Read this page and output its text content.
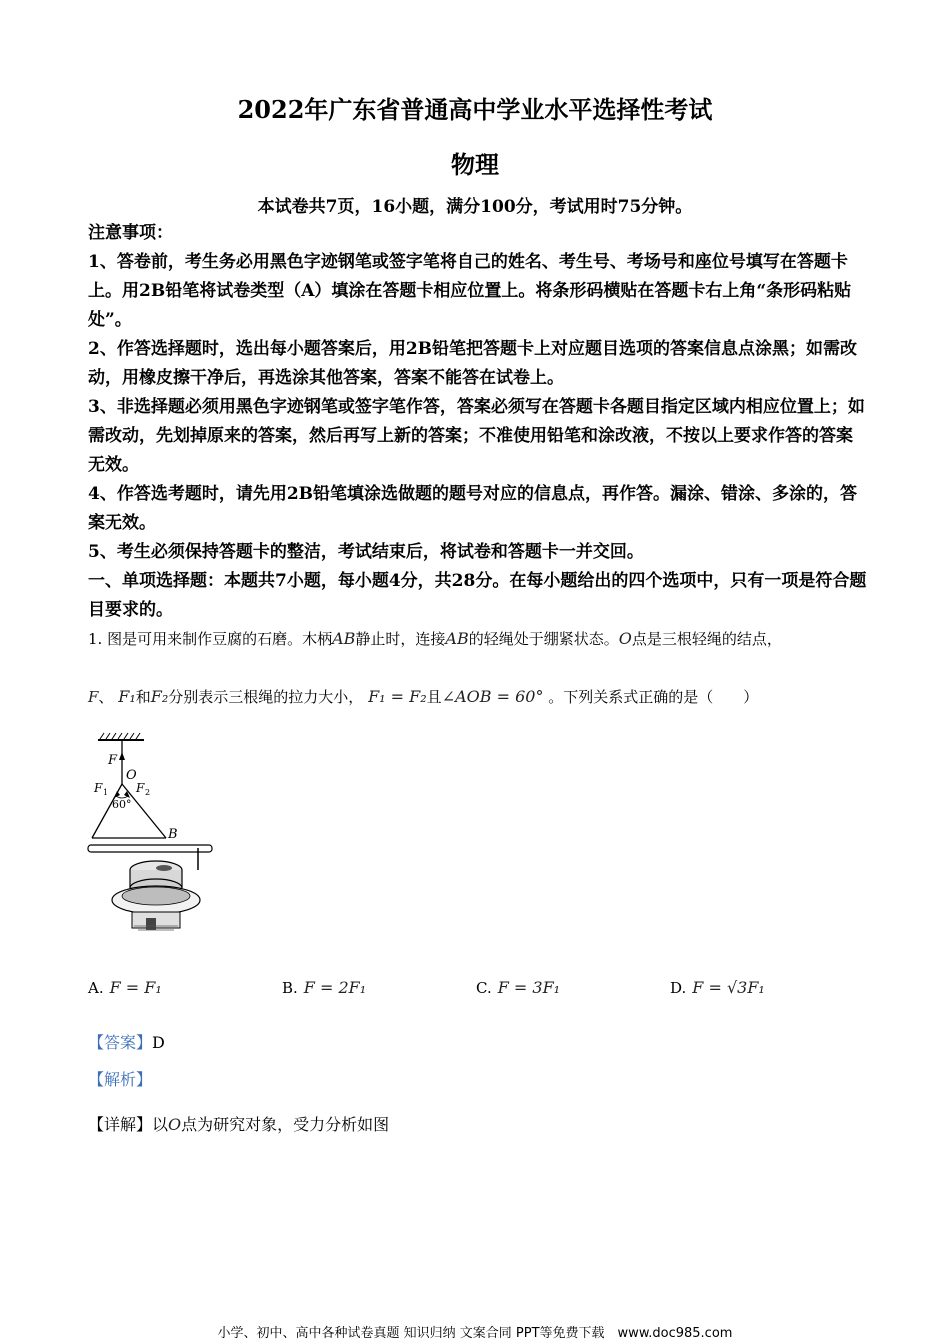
2022年广东省普通高中学业水平选择性考试
物理
本试卷共7页，16小题，满分100分，考试用时75分钟。

注意事项：

1、答卷前，考生务必用黑色字迹钢笔或签字笔将自己的姓名、考生号、考场号和座位号填写在答题卡上。用2B铅笔将试卷类型（A）填涂在答题卡相应位置上。将条形码横贴在答题卡右上角“条形码粘贴处”。

2、作答选择题时，选出每小题答案后，用2B铅笔把答题卡上对应题目选项的答案信息点涂黑；如需改动，用橡皮擦干净后，再选涂其他答案，答案不能答在试卷上。

3、非选择题必须用黑色字迹钢笔或签字笔作答，答案必须写在答题卡各题目指定区域内相应位置上；如需改动，先划掉原来的答案，然后再写上新的答案；不准使用铅笔和涂改液，不按以上要求作答的答案无效。

4、作答选考题时，请先用2B铅笔填涂选做题的题号对应的信息点，再作答。漏涂、错涂、多涂的，答案无效。

5、考生必须保持答题卡的整洁，考试结束后，将试卷和答题卡一并交回。

一、单项选择题：本题共7小题，每小题4分，共28分。在每小题给出的四个选项中，只有一项是符合题目要求的。

1. 图是可用来制作豆腐的石磨。木柄AB静止时，连接AB的轻绳处于绷紧状态。O点是三根轻绳的结点，
F、 F₁和F₂分别表示三根绳的拉力大小， F₁ = F₂且∠AOB = 60° 。下列关系式正确的是（　　）
F
O
F 1 F 2
60°
B
A. F = F₁	B. F = 2F₁	C. F = 3F₁	D. F = √3F₁
【答案】D
【解析】
【详解】以O点为研究对象，受力分析如图
小学、初中、高中各种试卷真题 知识归纳 文案合同 PPT等免费下载　www.doc985.com
